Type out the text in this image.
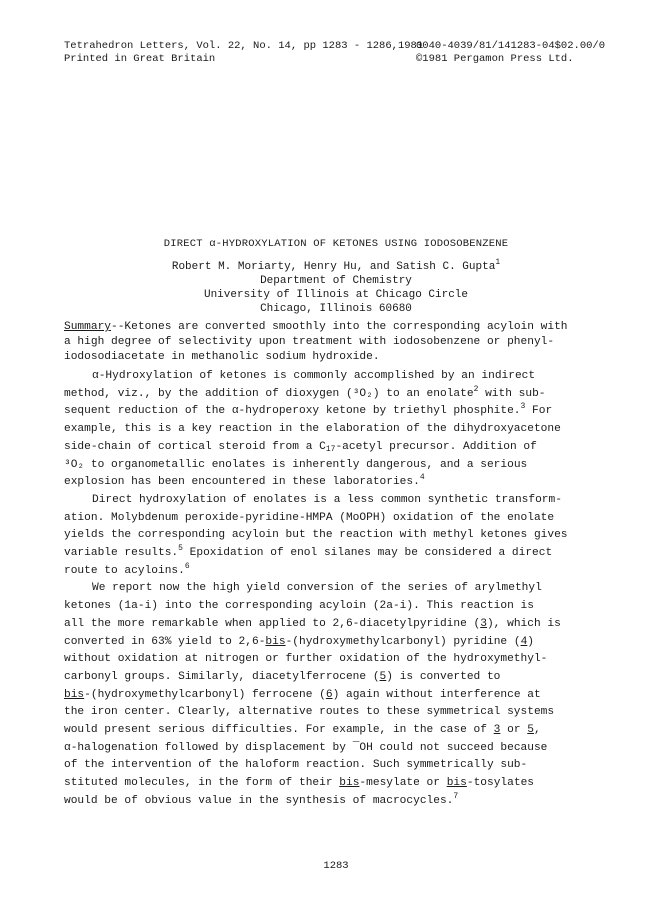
Tetrahedron Letters, Vol. 22, No. 14, pp 1283 - 1286,1981
Printed in Great Britain
0040-4039/81/141283-04$02.00/0
©1981 Pergamon Press Ltd.
DIRECT α-HYDROXYLATION OF KETONES USING IODOSOBENZENE
Robert M. Moriarty, Henry Hu, and Satish C. Gupta$^1$
Department of Chemistry
University of Illinois at Chicago Circle
Chicago, Illinois 60680
Summary--Ketones are converted smoothly into the corresponding acyloin with
a high degree of selectivity upon treatment with iodosobenzene or phenyl-
iodosodiacetate in methanolic sodium hydroxide.
α-Hydroxylation of ketones is commonly accomplished by an indirect
method, viz., by the addition of dioxygen (³O₂) to an enolate$^2$ with sub-
sequent reduction of the α-hydroperoxy ketone by triethyl phosphite.$^3$ For
example, this is a key reaction in the elaboration of the dihydroxyacetone
side-chain of cortical steroid from a $C_{17}$-acetyl precursor. Addition of
³O₂ to organometallic enolates is inherently dangerous, and a serious
explosion has been encountered in these laboratories.$^4$
Direct hydroxylation of enolates is a less common synthetic transform-
ation. Molybdenum peroxide-pyridine-HMPA (MoOPH) oxidation of the enolate
yields the corresponding acyloin but the reaction with methyl ketones gives
variable results.$^5$ Epoxidation of enol silanes may be considered a direct
route to acyloins.$^6$
We report now the high yield conversion of the series of arylmethyl
ketones (1a-i) into the corresponding acyloin (2a-i). This reaction is
all the more remarkable when applied to 2,6-diacetylpyridine (3), which is
converted in 63% yield to 2,6-bis-(hydroxymethylcarbonyl) pyridine (4)
without oxidation at nitrogen or further oxidation of the hydroxymethyl-
carbonyl groups. Similarly, diacetylferrocene (5) is converted to
bis-(hydroxymethylcarbonyl) ferrocene (6) again without interference at
the iron center. Clearly, alternative routes to these symmetrical systems
would present serious difficulties. For example, in the case of 3 or 5,
α-halogenation followed by displacement by ¯OH could not succeed because
of the intervention of the haloform reaction. Such symmetrically sub-
stituted molecules, in the form of their bis-mesylate or bis-tosylates
would be of obvious value in the synthesis of macrocycles.$^7$
1283
